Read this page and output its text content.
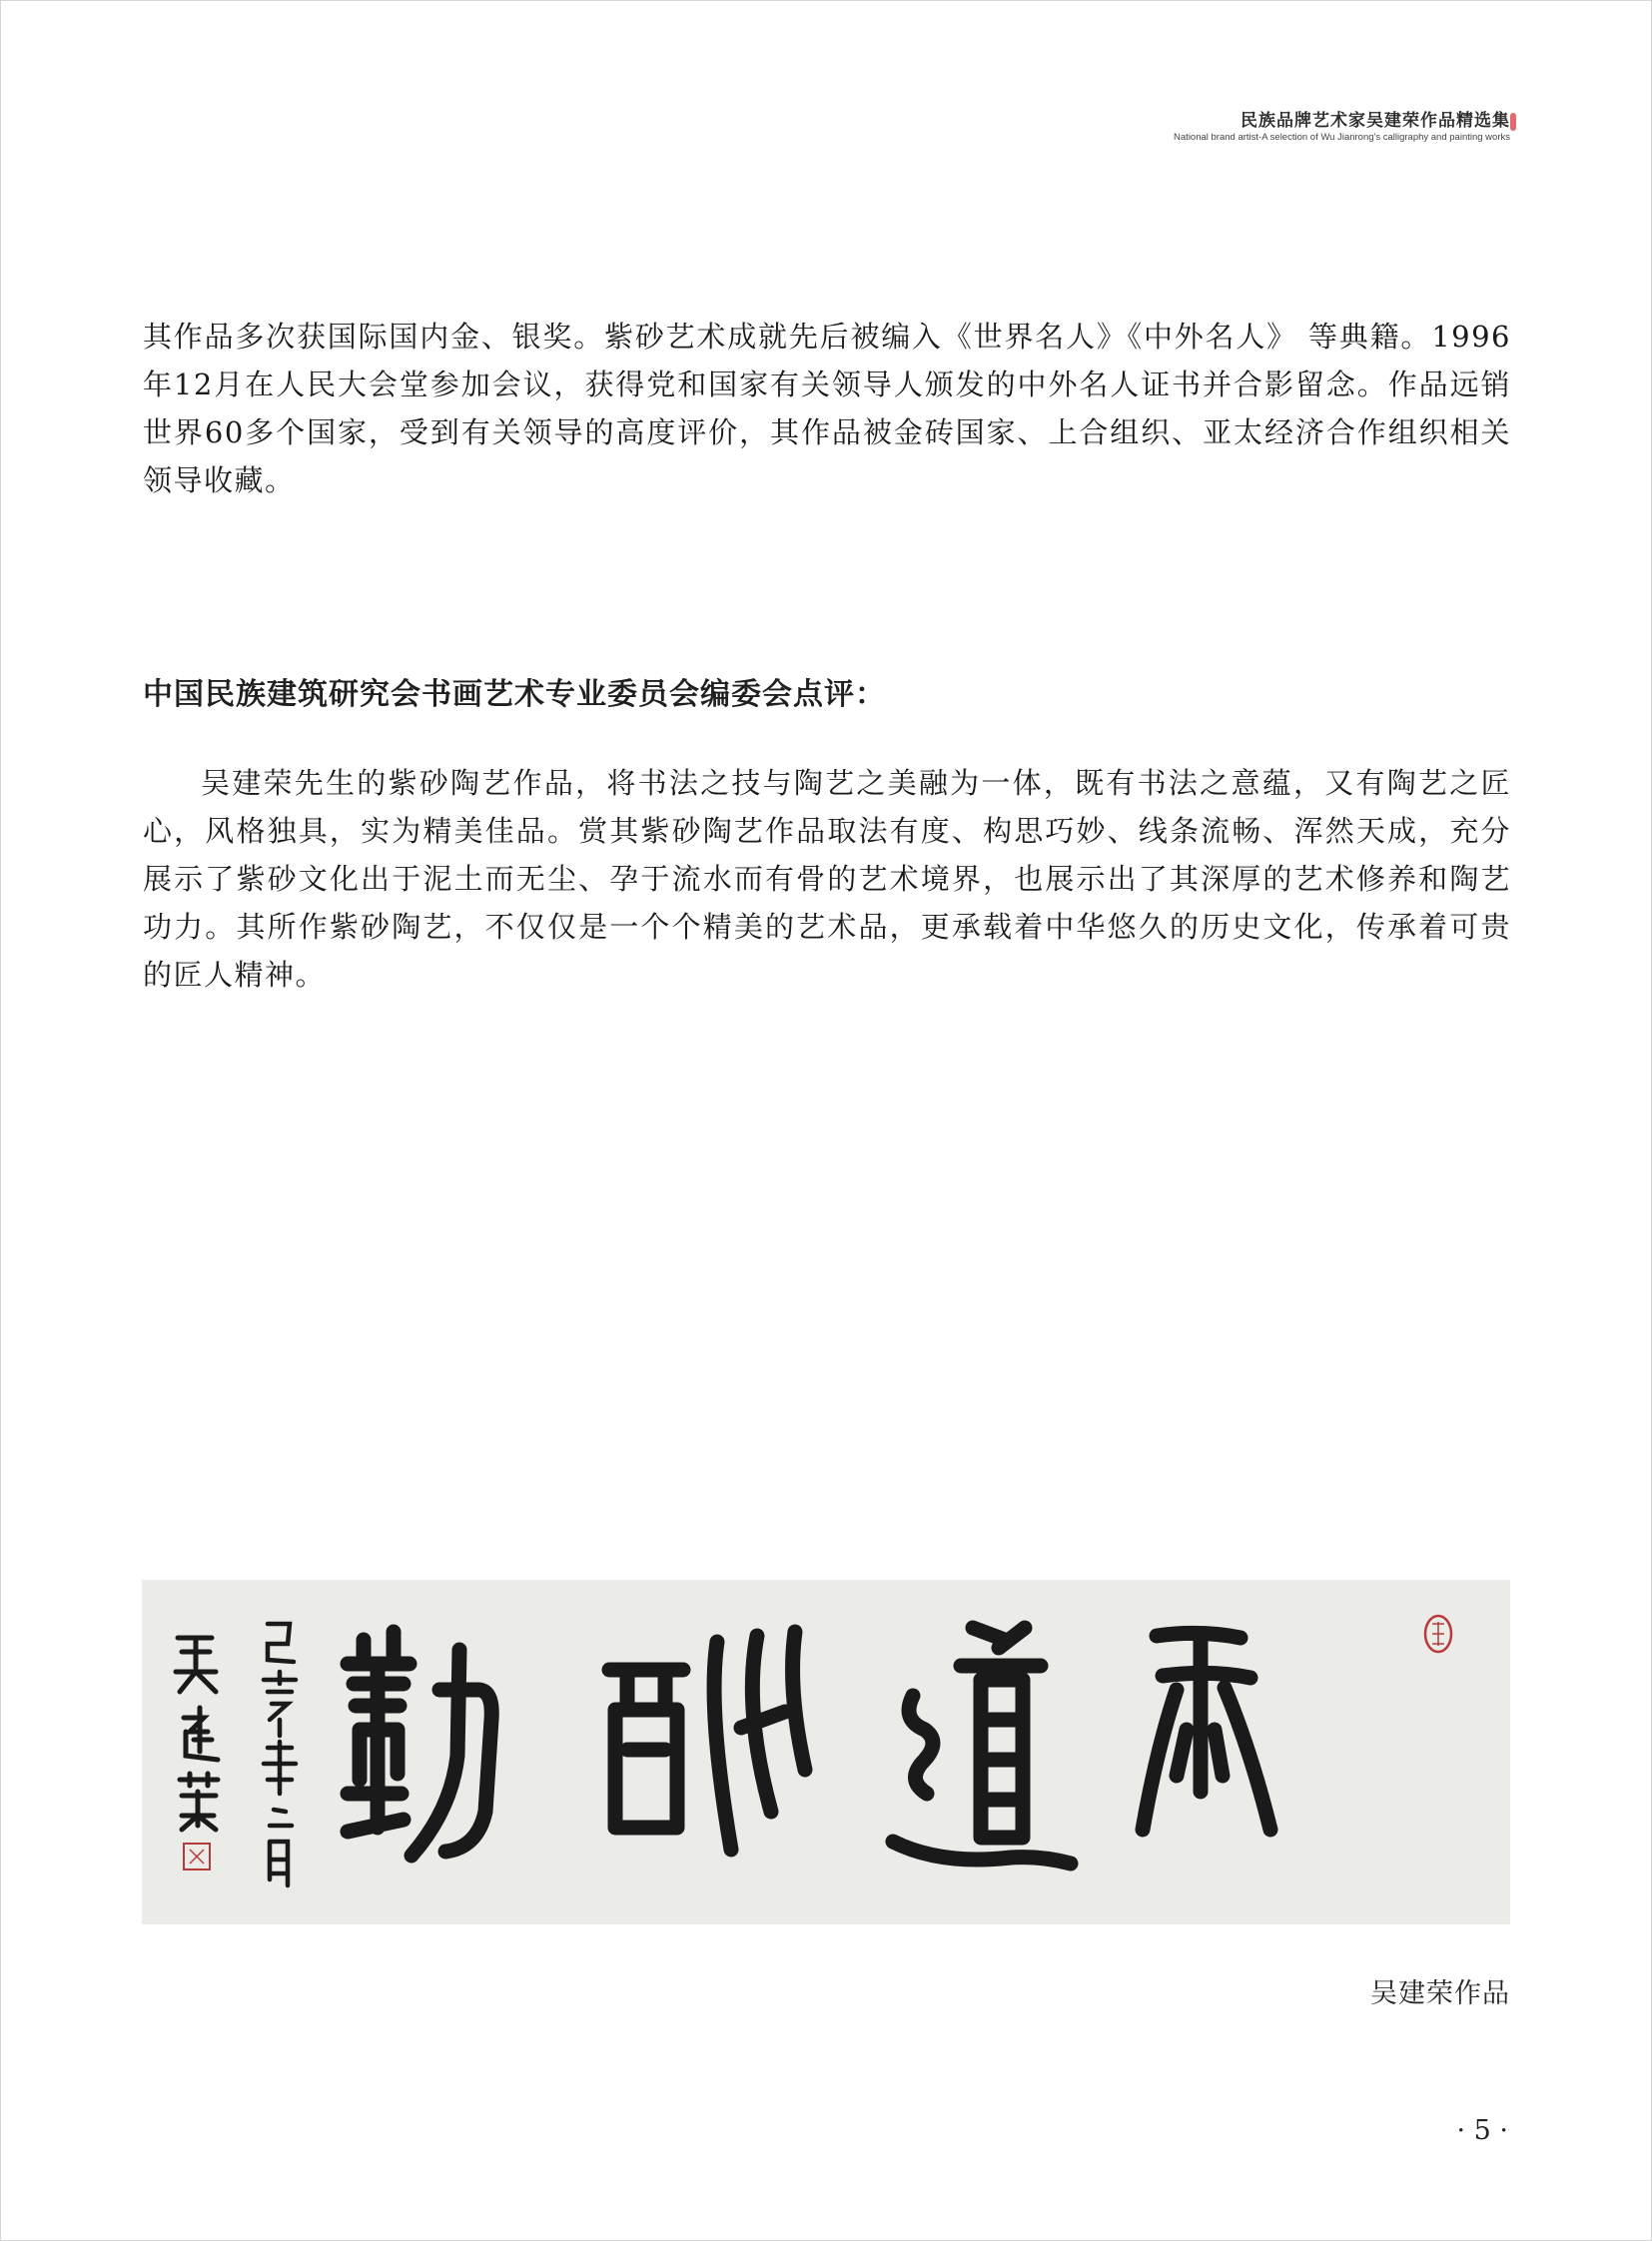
民族品牌艺术家吴建荣作品精选集
National brand artist-A selection of Wu Jianrong's calligraphy and painting works

其作品多次获国际国内金、银奖。紫砂艺术成就先后被编入《世界名人》《中外名人》 等典籍。1996年12月在人民大会堂参加会议，获得党和国家有关领导人颁发的中外名人证书并合影留念。作品远销世界60多个国家，受到有关领导的高度评价，其作品被金砖国家、上合组织、亚太经济合作组织相关领导收藏。

中国民族建筑研究会书画艺术专业委员会编委会点评：

吴建荣先生的紫砂陶艺作品，将书法之技与陶艺之美融为一体，既有书法之意蕴，又有陶艺之匠心，风格独具，实为精美佳品。赏其紫砂陶艺作品取法有度、构思巧妙、线条流畅、浑然天成，充分展示了紫砂文化出于泥土而无尘、孕于流水而有骨的艺术境界，也展示出了其深厚的艺术修养和陶艺功力。其所作紫砂陶艺，不仅仅是一个个精美的艺术品，更承载着中华悠久的历史文化，传承着可贵的匠人精神。

吴建荣作品
· 5 ·
